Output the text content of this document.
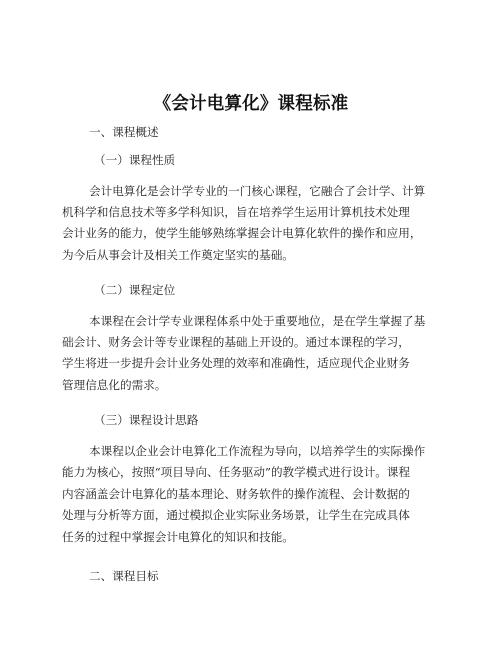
《会计电算化》课程标准
一、课程概述
（一）课程性质
会计电算化是会计学专业的一门核心课程，它融合了会计学、计算
机科学和信息技术等多学科知识，旨在培养学生运用计算机技术处理
会计业务的能力，使学生能够熟练掌握会计电算化软件的操作和应用，
为今后从事会计及相关工作奠定坚实的基础。
（二）课程定位
本课程在会计学专业课程体系中处于重要地位，是在学生掌握了基
础会计、财务会计等专业课程的基础上开设的。通过本课程的学习，
学生将进一步提升会计业务处理的效率和准确性，适应现代企业财务
管理信息化的需求。
（三）课程设计思路
本课程以企业会计电算化工作流程为导向，以培养学生的实际操作
能力为核心，按照“项目导向、任务驱动”的教学模式进行设计。课程
内容涵盖会计电算化的基本理论、财务软件的操作流程、会计数据的
处理与分析等方面，通过模拟企业实际业务场景，让学生在完成具体
任务的过程中掌握会计电算化的知识和技能。
二、课程目标
